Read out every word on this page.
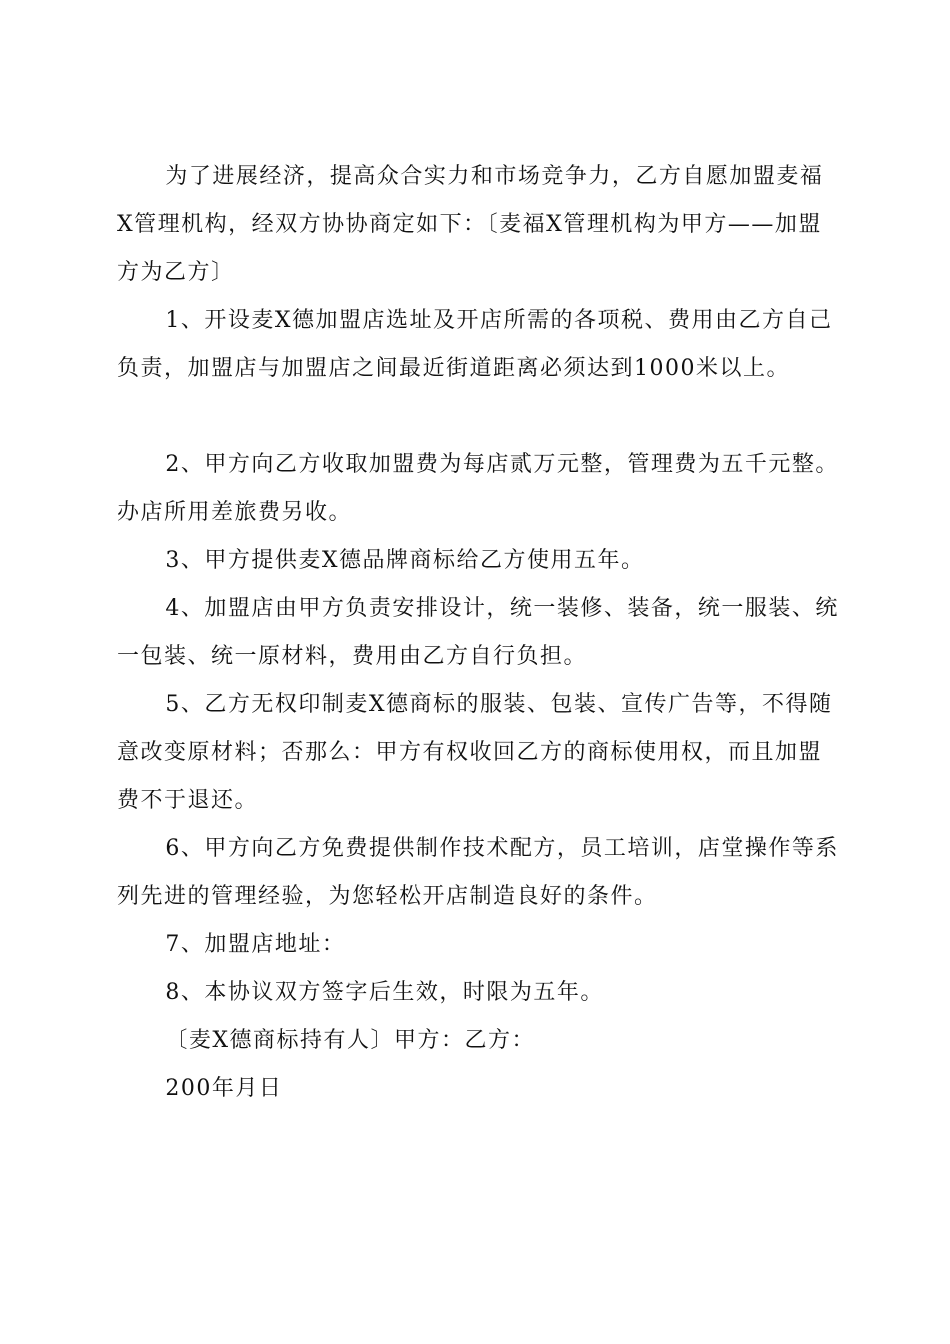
为了进展经济，提高众合实力和市场竞争力，乙方自愿加盟麦福X管理机构，经双方协协商定如下：〔麦福X管理机构为甲方——加盟方为乙方〕

1、开设麦X德加盟店选址及开店所需的各项税、费用由乙方自己负责，加盟店与加盟店之间最近街道距离必须达到1000米以上。

2、甲方向乙方收取加盟费为每店贰万元整，管理费为五千元整。办店所用差旅费另收。

3、甲方提供麦X德品牌商标给乙方使用五年。

4、加盟店由甲方负责安排设计，统一装修、装备，统一服装、统一包装、统一原材料，费用由乙方自行负担。

5、乙方无权印制麦X德商标的服装、包装、宣传广告等，不得随意改变原材料；否那么：甲方有权收回乙方的商标使用权，而且加盟费不于退还。

6、甲方向乙方免费提供制作技术配方，员工培训，店堂操作等系列先进的管理经验，为您轻松开店制造良好的条件。

7、加盟店地址：

8、本协议双方签字后生效，时限为五年。

〔麦X德商标持有人〕甲方：乙方：

200年月日
